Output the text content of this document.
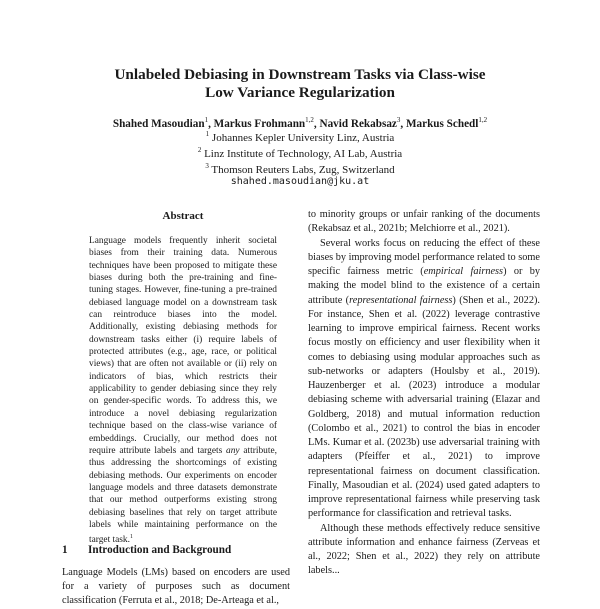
Unlabeled Debiasing in Downstream Tasks via Class-wise
Low Variance Regularization
Shahed Masoudian$^1$, Markus Frohmann$^{1,2}$, Navid Rekabsaz$^3$, Markus Schedl$^{1,2}$
$^1$ Johannes Kepler University Linz, Austria
$^2$ Linz Institute of Technology, AI Lab, Austria
$^3$ Thomson Reuters Labs, Zug, Switzerland
shahed.masoudian@jku.at
Abstract
Language models frequently inherit societal biases from their training data. Numerous techniques have been proposed to mitigate these biases during both the pre-training and fine-tuning stages. However, fine-tuning a pre-trained debiased language model on a downstream task can reintroduce biases into the model. Additionally, existing debiasing methods for downstream tasks either (i) require labels of protected attributes (e.g., age, race, or political views) that are often not available or (ii) rely on indicators of bias, which restricts their applicability to gender debiasing since they rely on gender-specific words. To address this, we introduce a novel debiasing regularization technique based on the class-wise variance of embeddings. Crucially, our method does not require attribute labels and targets any attribute, thus addressing the shortcomings of existing debiasing methods. Our experiments on encoder language models and three datasets demonstrate that our method outperforms existing strong debiasing baselines that rely on target attribute labels while maintaining performance on the target task.$^1$
1 Introduction and Background
Language Models (LMs) based on encoders are used for a variety of purposes such as document classification (Ferruta et al., 2018; De-Arteaga et al.,

to minority groups or unfair ranking of the documents (Rekabsaz et al., 2021b; Melchiorre et al., 2021).

Several works focus on reducing the effect of these biases by improving model performance related to some specific fairness metric (empirical fairness) or by making the model blind to the existence of a certain attribute (representational fairness) (Shen et al., 2022). For instance, Shen et al. (2022) leverage contrastive learning to improve empirical fairness. Recent works focus mostly on efficiency and user flexibility when it comes to debiasing using modular approaches such as sub-networks or adapters (Houlsby et al., 2019). Hauzenberger et al. (2023) introduce a modular debiasing scheme with adversarial training (Elazar and Goldberg, 2018) and mutual information reduction (Colombo et al., 2021) to control the bias in encoder LMs. Kumar et al. (2023b) use adversarial training with adapters (Pfeiffer et al., 2021) to improve representational fairness on document classification. Finally, Masoudian et al. (2024) used gated adapters to improve representational fairness while preserving task performance for classification and retrieval tasks.

Although these methods effectively reduce sensitive attribute information and enhance fairness (Zerveas et al., 2022; Shen et al., 2022) they rely on attribute labels...
